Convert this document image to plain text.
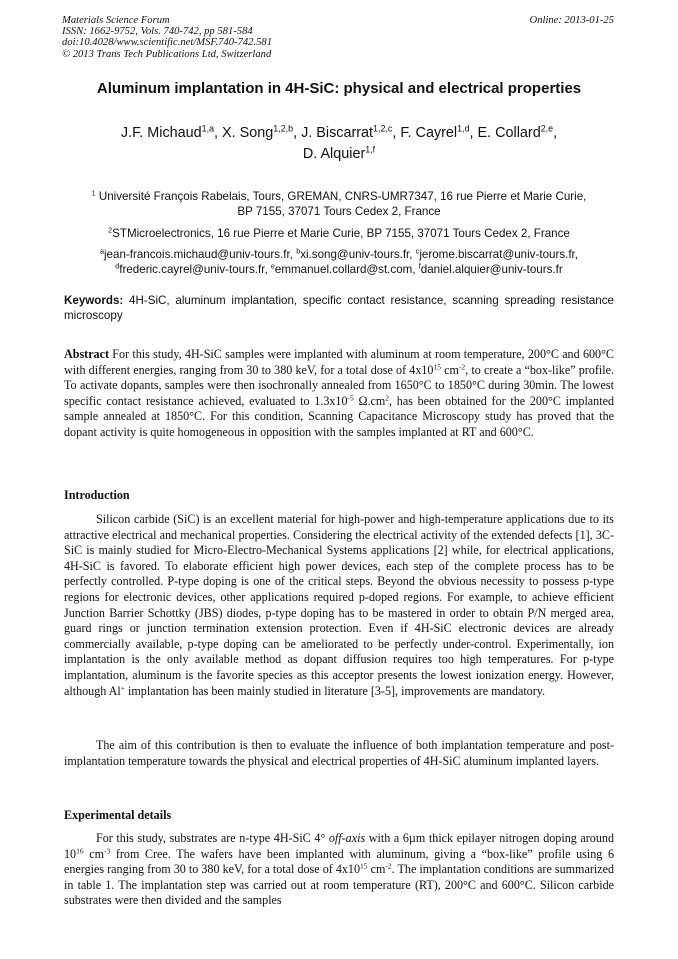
Materials Science Forum
ISSN: 1662-9752, Vols. 740-742, pp 581-584
doi:10.4028/www.scientific.net/MSF.740-742.581
© 2013 Trans Tech Publications Ltd, Switzerland
Online: 2013-01-25
Aluminum implantation in 4H-SiC: physical and electrical properties
J.F. Michaud$^{1,a}$, X. Song$^{1,2,b}$, J. Biscarrat$^{1,2,c}$, F. Cayrel$^{1,d}$, E. Collard$^{2,e}$,
D. Alquier$^{1,f}$
$^1$ Université François Rabelais, Tours, GREMAN, CNRS-UMR7347, 16 rue Pierre et Marie Curie,
BP 7155, 37071 Tours Cedex 2, France
$^2$STMicroelectronics, 16 rue Pierre et Marie Curie, BP 7155, 37071 Tours Cedex 2, France
$^a$jean-francois.michaud@univ-tours.fr, $^b$xi.song@univ-tours.fr, $^c$jerome.biscarrat@univ-tours.fr,
$^d$frederic.cayrel@univ-tours.fr, $^e$emmanuel.collard@st.com, $^f$daniel.alquier@univ-tours.fr
Keywords: 4H-SiC, aluminum implantation, specific contact resistance, scanning spreading resistance microscopy
Abstract For this study, 4H-SiC samples were implanted with aluminum at room temperature, 200°C and 600°C with different energies, ranging from 30 to 380 keV, for a total dose of $4x10^{15}$ $cm^{-2}$, to create a “box-like” profile. To activate dopants, samples were then isochronally annealed from 1650°C to 1850°C during 30min. The lowest specific contact resistance achieved, evaluated to $1.3x10^{-5}$ $\Omega.cm^2$, has been obtained for the 200°C implanted sample annealed at 1850°C. For this condition, Scanning Capacitance Microscopy study has proved that the dopant activity is quite homogeneous in opposition with the samples implanted at RT and 600°C.
Introduction
Silicon carbide (SiC) is an excellent material for high-power and high-temperature applications due to its attractive electrical and mechanical properties. Considering the electrical activity of the extended defects [1], 3C-SiC is mainly studied for Micro-Electro-Mechanical Systems applications [2] while, for electrical applications, 4H-SiC is favored. To elaborate efficient high power devices, each step of the complete process has to be perfectly controlled. P-type doping is one of the critical steps. Beyond the obvious necessity to possess p-type regions for electronic devices, other applications required p-doped regions. For example, to achieve efficient Junction Barrier Schottky (JBS) diodes, p-type doping has to be mastered in order to obtain P/N merged area, guard rings or junction termination extension protection. Even if 4H-SiC electronic devices are already commercially available, p-type doping can be ameliorated to be perfectly under-control. Experimentally, ion implantation is the only available method as dopant diffusion requires too high temperatures. For p-type implantation, aluminum is the favorite species as this acceptor presents the lowest ionization energy. However, although Al+ implantation has been mainly studied in literature [3-5], improvements are mandatory.
The aim of this contribution is then to evaluate the influence of both implantation temperature and post-implantation temperature towards the physical and electrical properties of 4H-SiC aluminum implanted layers.
Experimental details
For this study, substrates are n-type 4H-SiC 4° off-axis with a 6µm thick epilayer nitrogen doping around $10^{16}$ $cm^{-3}$ from Cree. The wafers have been implanted with aluminum, giving a “box-like” profile using 6 energies ranging from 30 to 380 keV, for a total dose of $4x10^{15}$ $cm^{-2}$. The implantation conditions are summarized in table 1. The implantation step was carried out at room temperature (RT), 200°C and 600°C. Silicon carbide substrates were then divided and the samples
